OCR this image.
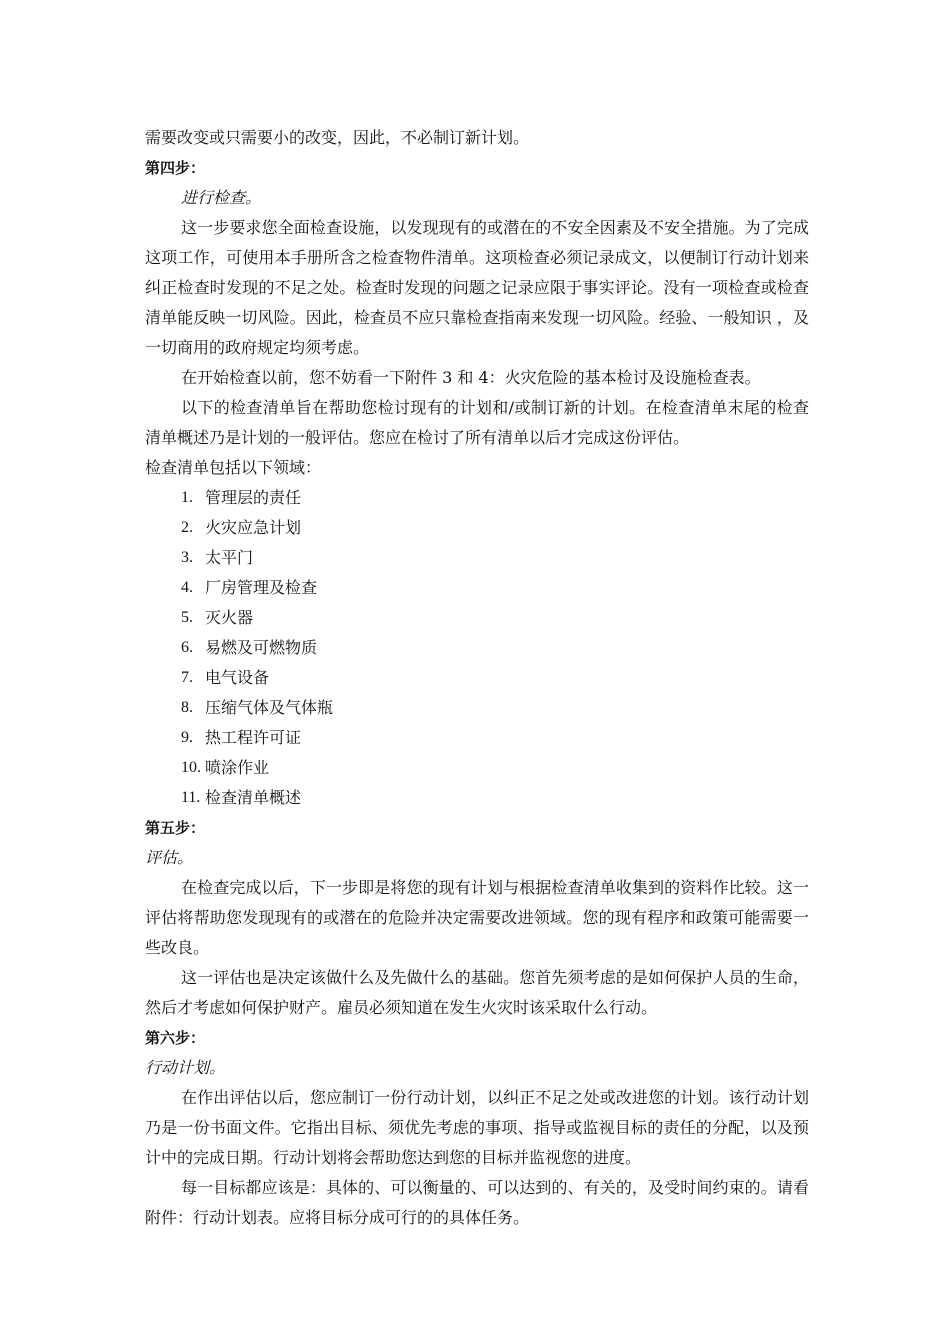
需要改变或只需要小的改变，因此，不必制订新计划。

第四步：

进行检查。

这一步要求您全面检查设施，以发现现有的或潜在的不安全因素及不安全措施。为了完成这项工作，可使用本手册所含之检查物件清单。这项检查必须记录成文，以便制订行动计划来纠正检查时发现的不足之处。检查时发现的问题之记录应限于事实评论。没有一项检查或检查清单能反映一切风险。因此，检查员不应只靠检查指南来发现一切风险。经验、一般知识 ，及一切商用的政府规定均须考虑。

在开始检查以前，您不妨看一下附件 3 和 4：火灾危险的基本检讨及设施检查表。

以下的检查清单旨在帮助您检讨现有的计划和/或制订新的计划。在检查清单末尾的检查清单概述乃是计划的一般评估。您应在检讨了所有清单以后才完成这份评估。

检查清单包括以下领域：

1. 管理层的责任
2. 火灾应急计划
3. 太平门
4. 厂房管理及检查
5. 灭火器
6. 易燃及可燃物质
7. 电气设备
8. 压缩气体及气体瓶
9. 热工程许可证
10. 喷涂作业
11. 检查清单概述

第五步：

评估。

在检查完成以后，下一步即是将您的现有计划与根据检查清单收集到的资料作比较。这一评估将帮助您发现现有的或潜在的危险并决定需要改进领域。您的现有程序和政策可能需要一些改良。

这一评估也是决定该做什么及先做什么的基础。您首先须考虑的是如何保护人员的生命，然后才考虑如何保护财产。雇员必须知道在发生火灾时该采取什么行动。

第六步：

行动计划。

在作出评估以后，您应制订一份行动计划，以纠正不足之处或改进您的计划。该行动计划乃是一份书面文件。它指出目标、须优先考虑的事项、指导或监视目标的责任的分配，以及预计中的完成日期。行动计划将会帮助您达到您的目标并监视您的进度。

每一目标都应该是：具体的、可以衡量的、可以达到的、有关的，及受时间约束的。请看附件：行动计划表。应将目标分成可行的的具体任务。
